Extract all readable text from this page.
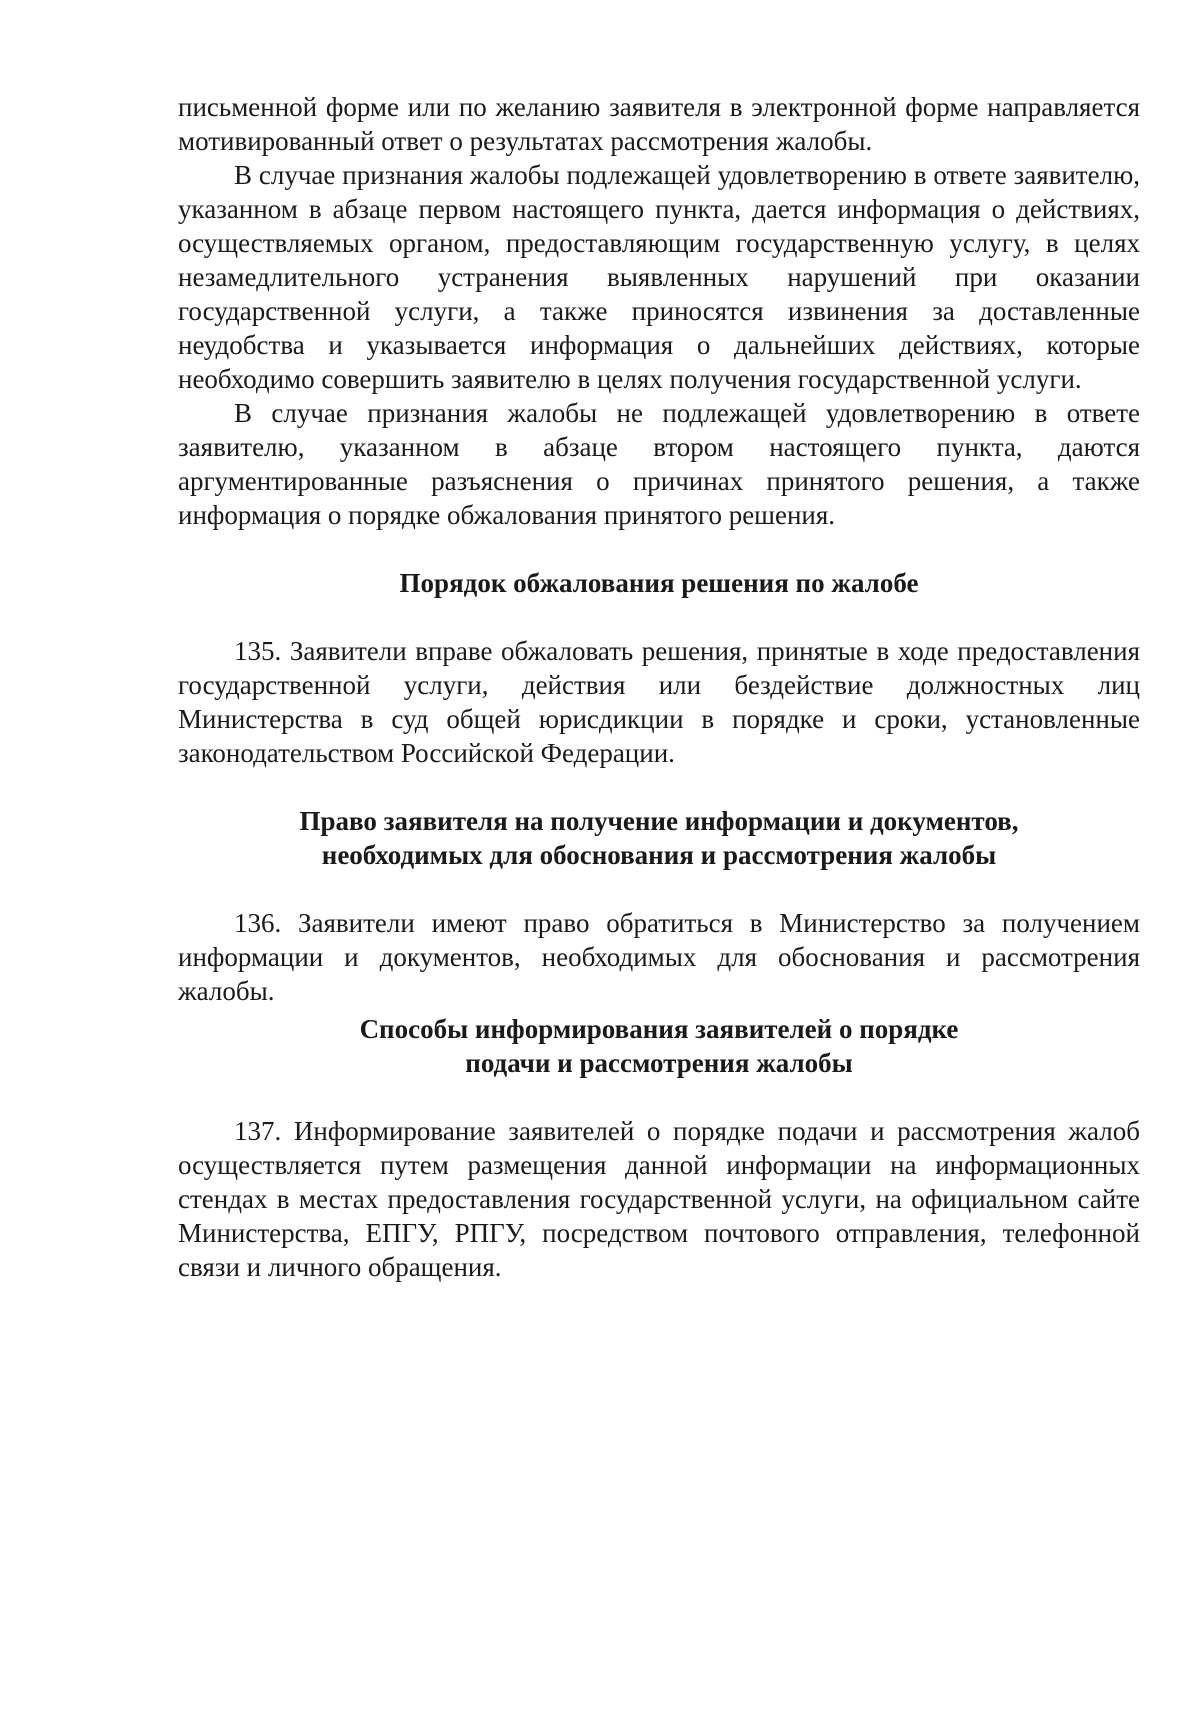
письменной форме или по желанию заявителя в электронной форме направляется мотивированный ответ о результатах рассмотрения жалобы.

В случае признания жалобы подлежащей удовлетворению в ответе заявителю, указанном в абзаце первом настоящего пункта, дается информация о действиях, осуществляемых органом, предоставляющим государственную услугу, в целях незамедлительного устранения выявленных нарушений при оказании государственной услуги, а также приносятся извинения за доставленные неудобства и указывается информация о дальнейших действиях, которые необходимо совершить заявителю в целях получения государственной услуги.

В случае признания жалобы не подлежащей удовлетворению в ответе заявителю, указанном в абзаце втором настоящего пункта, даются аргументированные разъяснения о причинах принятого решения, а также информация о порядке обжалования принятого решения.

Порядок обжалования решения по жалобе

135. Заявители вправе обжаловать решения, принятые в ходе предоставления государственной услуги, действия или бездействие должностных лиц Министерства в суд общей юрисдикции в порядке и сроки, установленные законодательством Российской Федерации.

Право заявителя на получение информации и документов,
необходимых для обоснования и рассмотрения жалобы

136. Заявители имеют право обратиться в Министерство за получением информации и документов, необходимых для обоснования и рассмотрения жалобы.

Способы информирования заявителей о порядке
подачи и рассмотрения жалобы

137. Информирование заявителей о порядке подачи и рассмотрения жалоб осуществляется путем размещения данной информации на информационных стендах в местах предоставления государственной услуги, на официальном сайте Министерства, ЕПГУ, РПГУ, посредством почтового отправления, телефонной связи и личного обращения.
